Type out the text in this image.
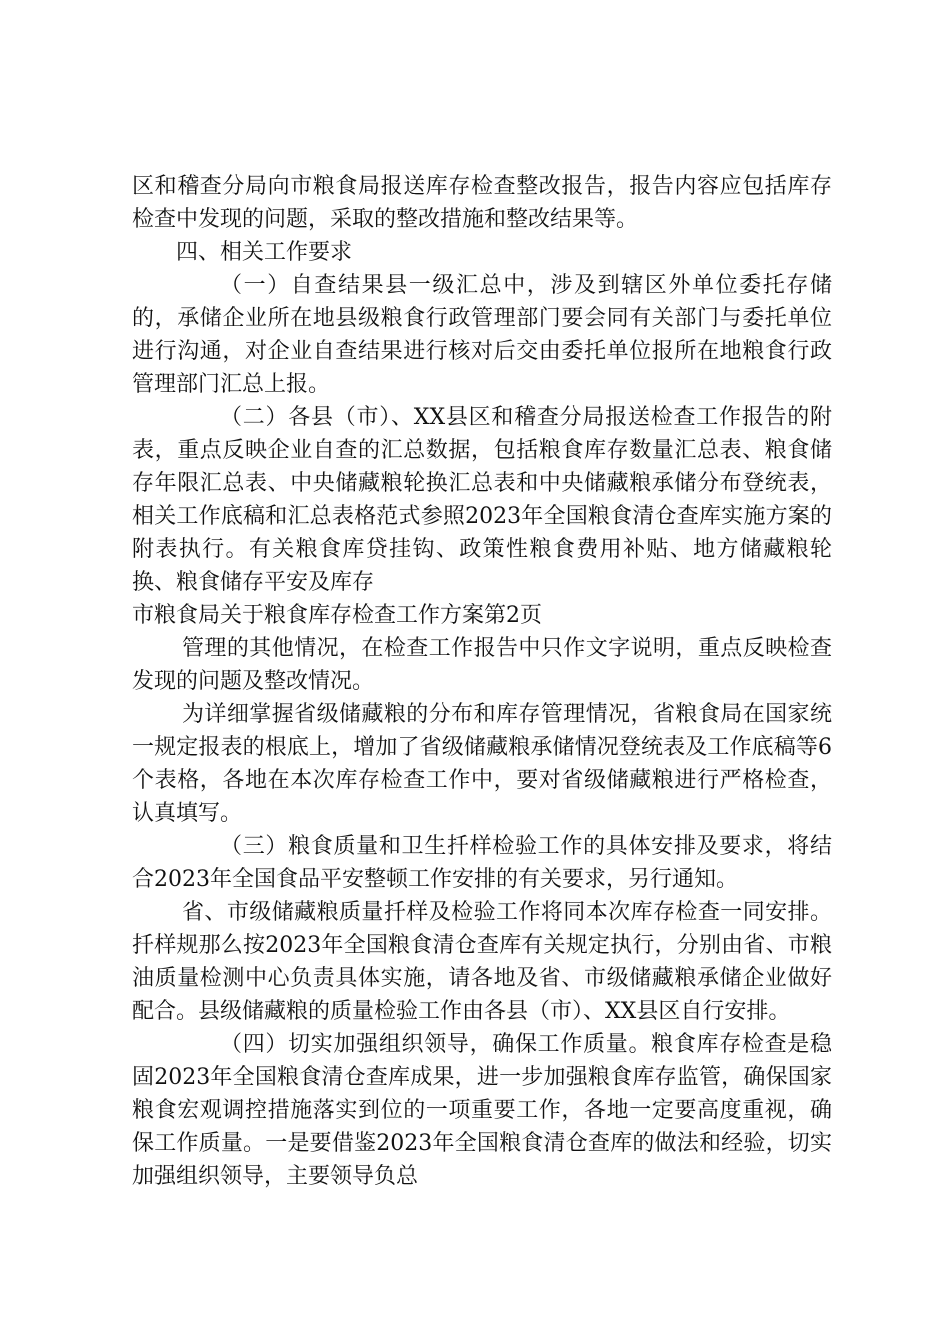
区和稽查分局向市粮食局报送库存检查整改报告，报告内容应包括库存检查中发现的问题，采取的整改措施和整改结果等。

四、相关工作要求

（一）自查结果县一级汇总中，涉及到辖区外单位委托存储的，承储企业所在地县级粮食行政管理部门要会同有关部门与委托单位进行沟通，对企业自查结果进行核对后交由委托单位报所在地粮食行政管理部门汇总上报。

（二）各县（市）、XX县区和稽查分局报送检查工作报告的附表，重点反映企业自查的汇总数据，包括粮食库存数量汇总表、粮食储存年限汇总表、中央储藏粮轮换汇总表和中央储藏粮承储分布登统表，相关工作底稿和汇总表格范式参照2023年全国粮食清仓查库实施方案的附表执行。有关粮食库贷挂钩、政策性粮食费用补贴、地方储藏粮轮换、粮食储存平安及库存

市粮食局关于粮食库存检查工作方案第2页

管理的其他情况，在检查工作报告中只作文字说明，重点反映检查发现的问题及整改情况。

为详细掌握省级储藏粮的分布和库存管理情况，省粮食局在国家统一规定报表的根底上，增加了省级储藏粮承储情况登统表及工作底稿等6个表格，各地在本次库存检查工作中，要对省级储藏粮进行严格检查，认真填写。

（三）粮食质量和卫生扦样检验工作的具体安排及要求，将结合2023年全国食品平安整顿工作安排的有关要求，另行通知。

省、市级储藏粮质量扦样及检验工作将同本次库存检查一同安排。扦样规那么按2023年全国粮食清仓查库有关规定执行，分别由省、市粮油质量检测中心负责具体实施，请各地及省、市级储藏粮承储企业做好配合。县级储藏粮的质量检验工作由各县（市）、XX县区自行安排。

（四）切实加强组织领导，确保工作质量。粮食库存检查是稳固2023年全国粮食清仓查库成果，进一步加强粮食库存监管，确保国家粮食宏观调控措施落实到位的一项重要工作，各地一定要高度重视，确保工作质量。一是要借鉴2023年全国粮食清仓查库的做法和经验，切实加强组织领导，主要领导负总
